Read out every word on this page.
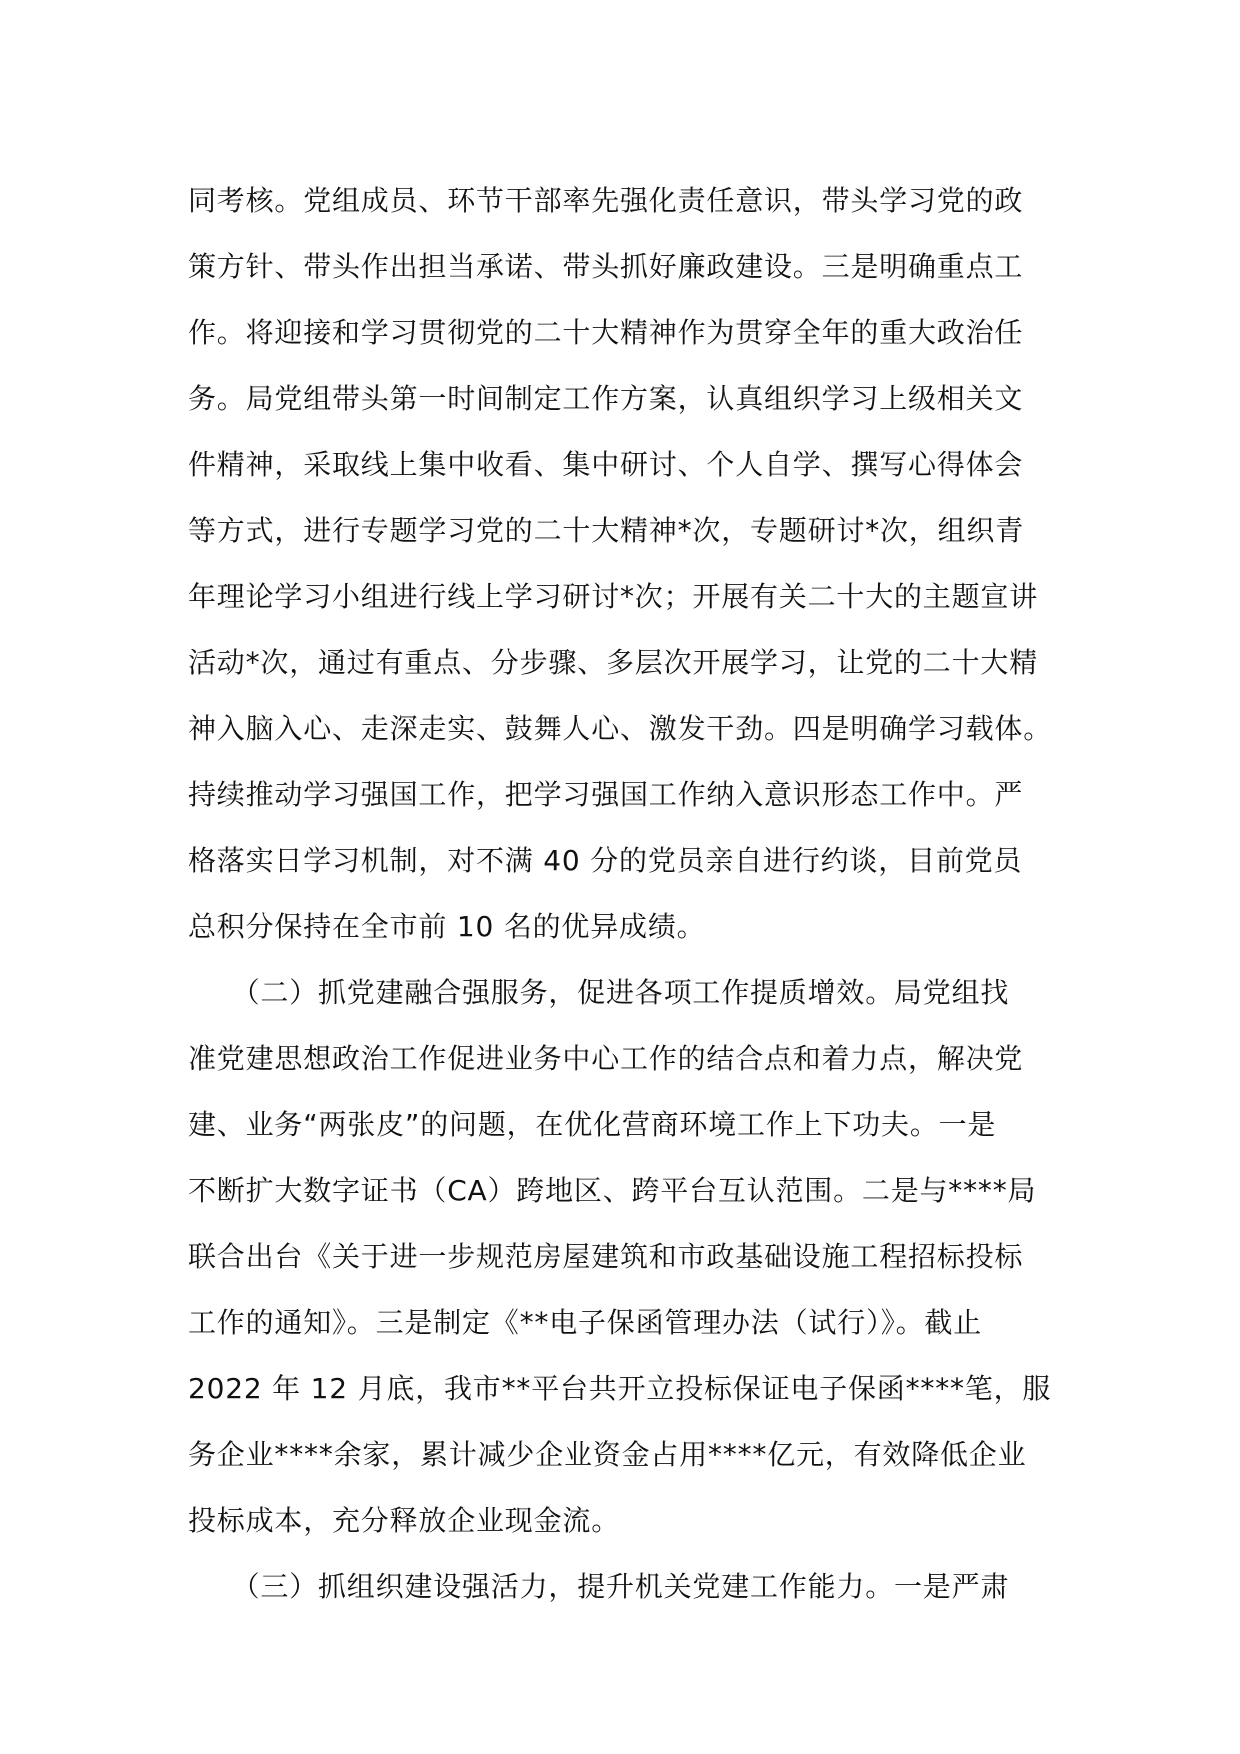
同考核。党组成员、环节干部率先强化责任意识，带头学习党的政
策方针、带头作出担当承诺、带头抓好廉政建设。三是明确重点工
作。将迎接和学习贯彻党的二十大精神作为贯穿全年的重大政治任
务。局党组带头第一时间制定工作方案，认真组织学习上级相关文
件精神，采取线上集中收看、集中研讨、个人自学、撰写心得体会
等方式，进行专题学习党的二十大精神*次，专题研讨*次，组织青
年理论学习小组进行线上学习研讨*次；开展有关二十大的主题宣讲
活动*次，通过有重点、分步骤、多层次开展学习，让党的二十大精
神入脑入心、走深走实、鼓舞人心、激发干劲。四是明确学习载体。
持续推动学习强国工作，把学习强国工作纳入意识形态工作中。严
格落实日学习机制，对不满 40 分的党员亲自进行约谈，目前党员
总积分保持在全市前 10 名的优异成绩。
　　（二）抓党建融合强服务，促进各项工作提质增效。局党组找
准党建思想政治工作促进业务中心工作的结合点和着力点，解决党
建、业务“两张皮”的问题，在优化营商环境工作上下功夫。一是
不断扩大数字证书（CA）跨地区、跨平台互认范围。二是与****局
联合出台《关于进一步规范房屋建筑和市政基础设施工程招标投标
工作的通知》。三是制定《**电子保函管理办法（试行）》。截止
2022 年 12 月底，我市**平台共开立投标保证电子保函****笔，服
务企业****余家，累计减少企业资金占用****亿元，有效降低企业
投标成本，充分释放企业现金流。
　　（三）抓组织建设强活力，提升机关党建工作能力。一是严肃
